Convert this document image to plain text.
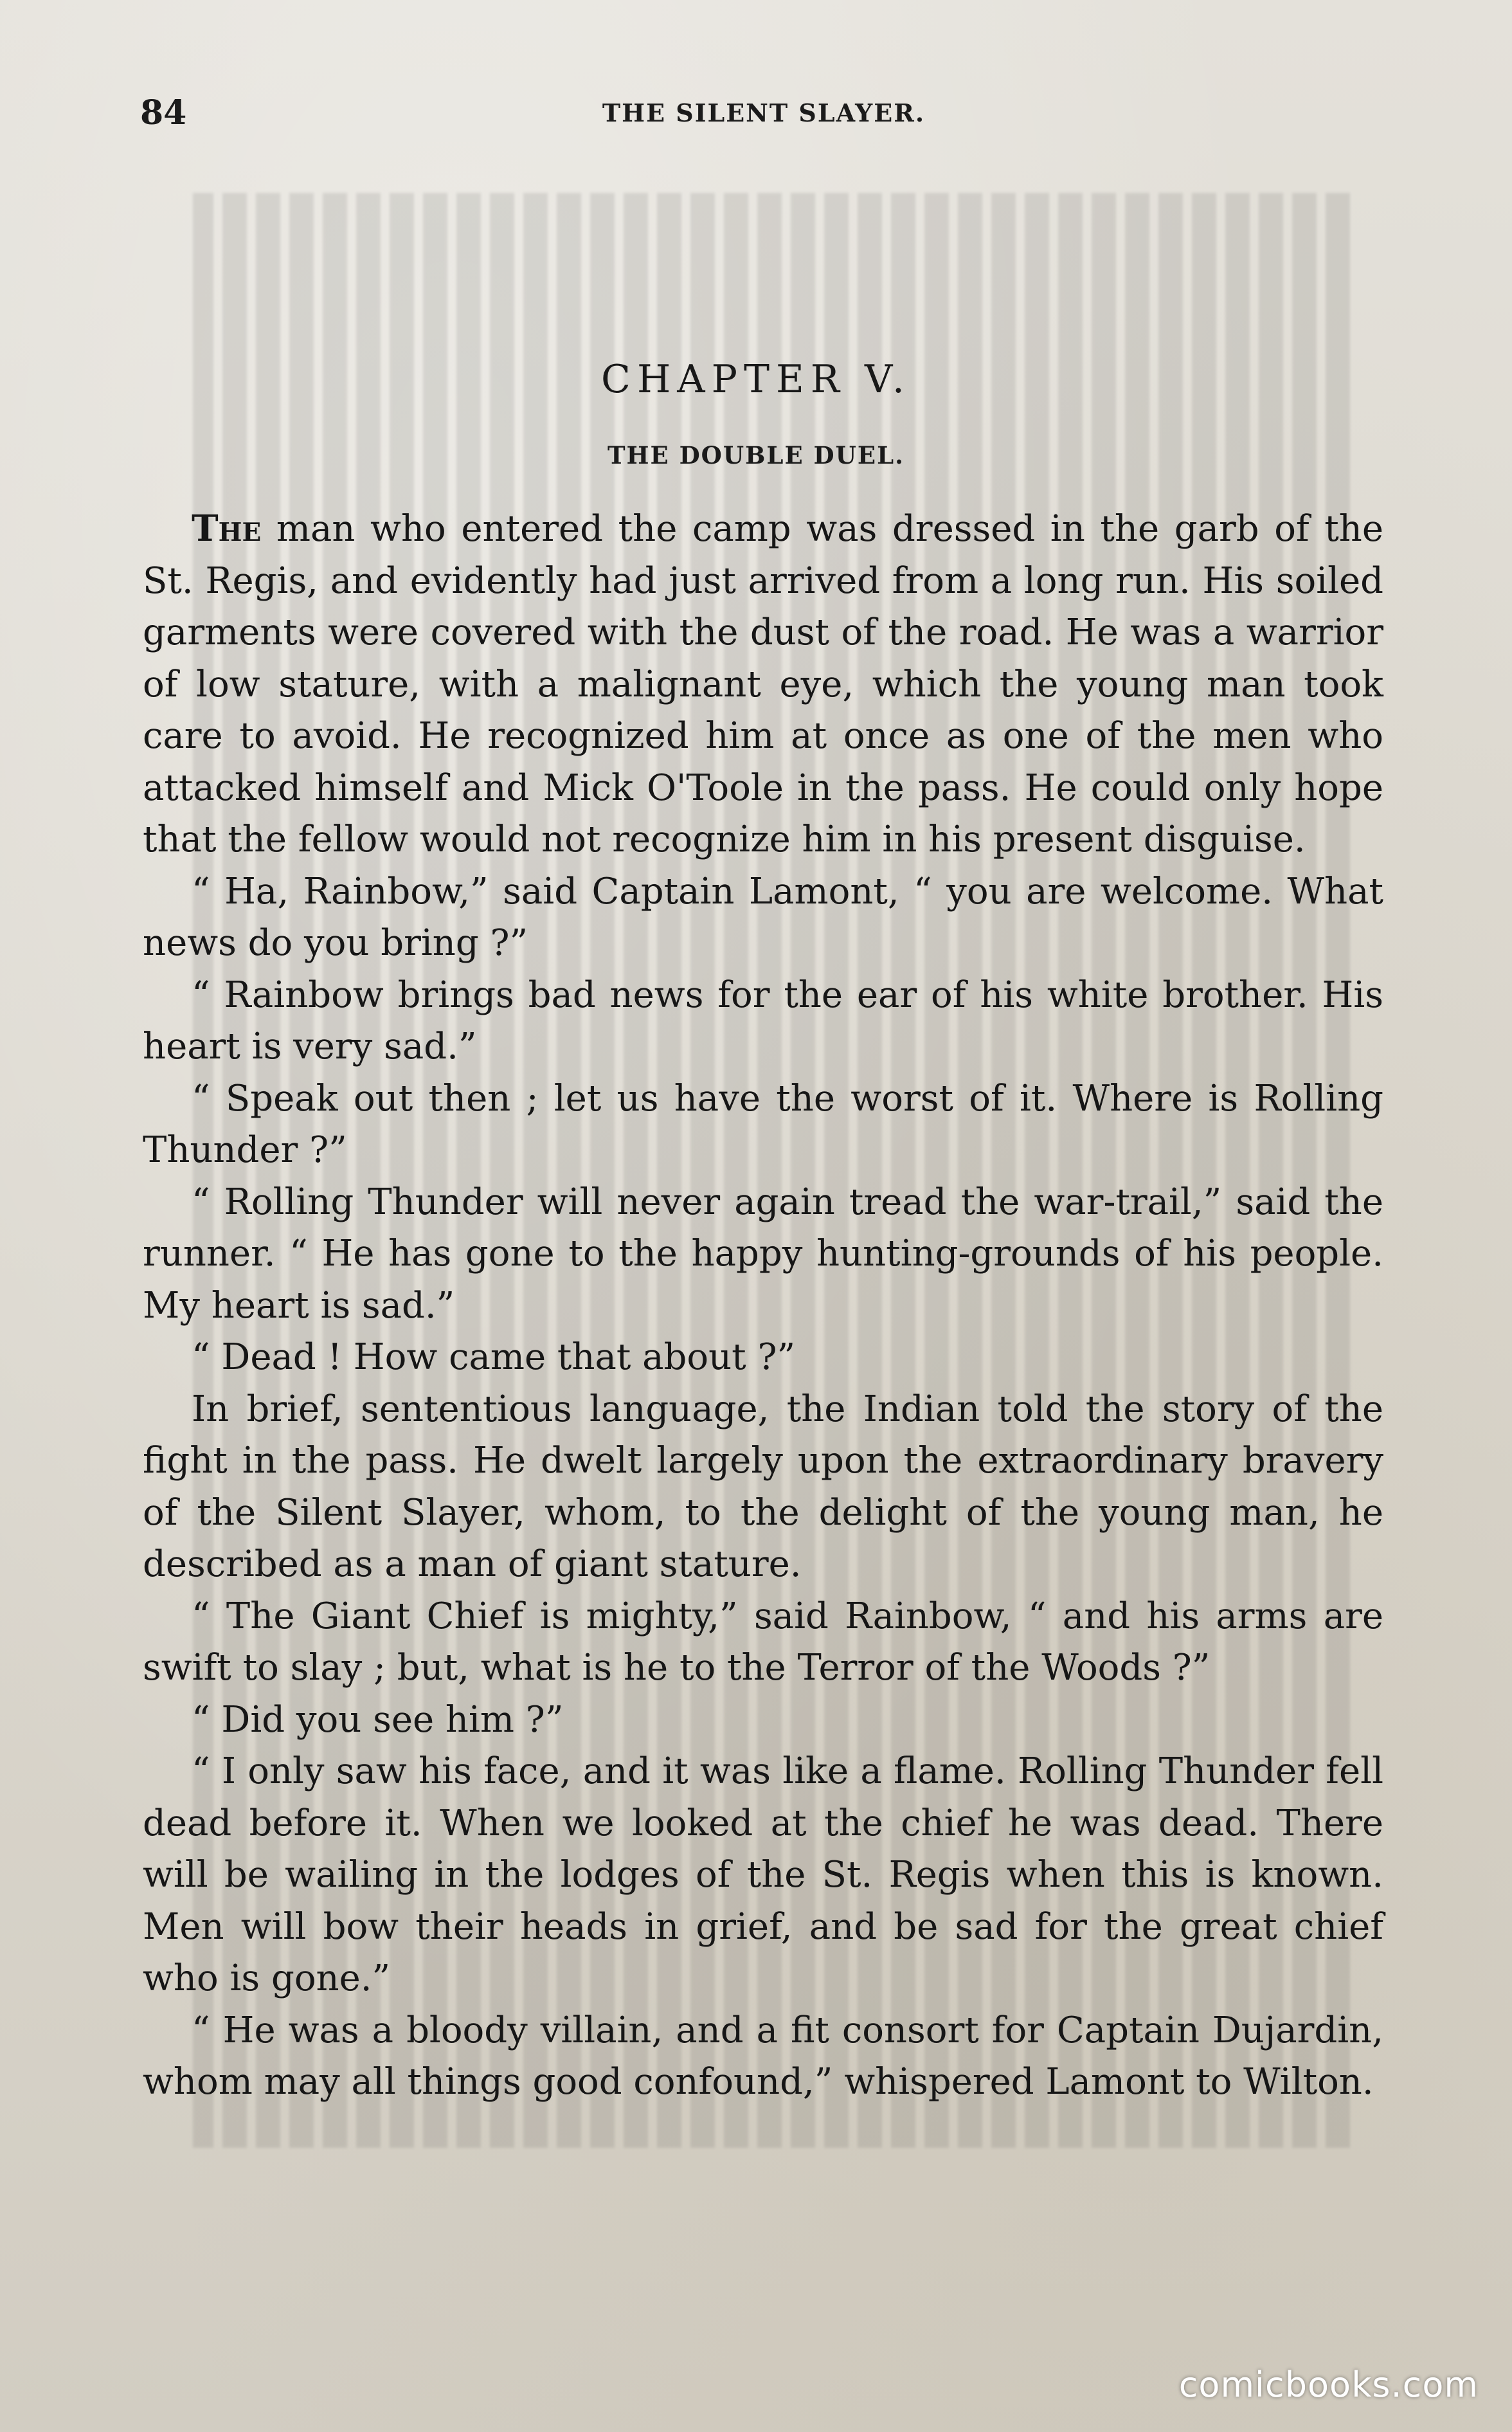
84	THE SILENT SLAYER.
CHAPTER V.
THE DOUBLE DUEL.

The man who entered the camp was dressed in the garb of the St. Regis, and evidently had just arrived from a long run. His soiled garments were covered with the dust of the road. He was a warrior of low stature, with a malignant eye, which the young man took care to avoid. He recognized him at once as one of the men who attacked himself and Mick O'Toole in the pass. He could only hope that the fellow would not recognize him in his present disguise.

“ Ha, Rainbow,” said Captain Lamont, “ you are welcome. What news do you bring ?”

“ Rainbow brings bad news for the ear of his white brother. His heart is very sad.”

“ Speak out then ; let us have the worst of it. Where is Rolling Thunder ?”

“ Rolling Thunder will never again tread the war-trail,” said the runner. “ He has gone to the happy hunting-grounds of his people. My heart is sad.”

“ Dead ! How came that about ?”

In brief, sententious language, the Indian told the story of the fight in the pass. He dwelt largely upon the extraordinary bravery of the Silent Slayer, whom, to the delight of the young man, he described as a man of giant stature.

“ The Giant Chief is mighty,” said Rainbow, “ and his arms are swift to slay ; but, what is he to the Terror of the Woods ?”

“ Did you see him ?”

“ I only saw his face, and it was like a flame. Rolling Thunder fell dead before it. When we looked at the chief he was dead. There will be wailing in the lodges of the St. Regis when this is known. Men will bow their heads in grief, and be sad for the great chief who is gone.”

“ He was a bloody villain, and a fit consort for Captain Dujardin, whom may all things good confound,” whispered Lamont to Wilton.

comicbooks.com
